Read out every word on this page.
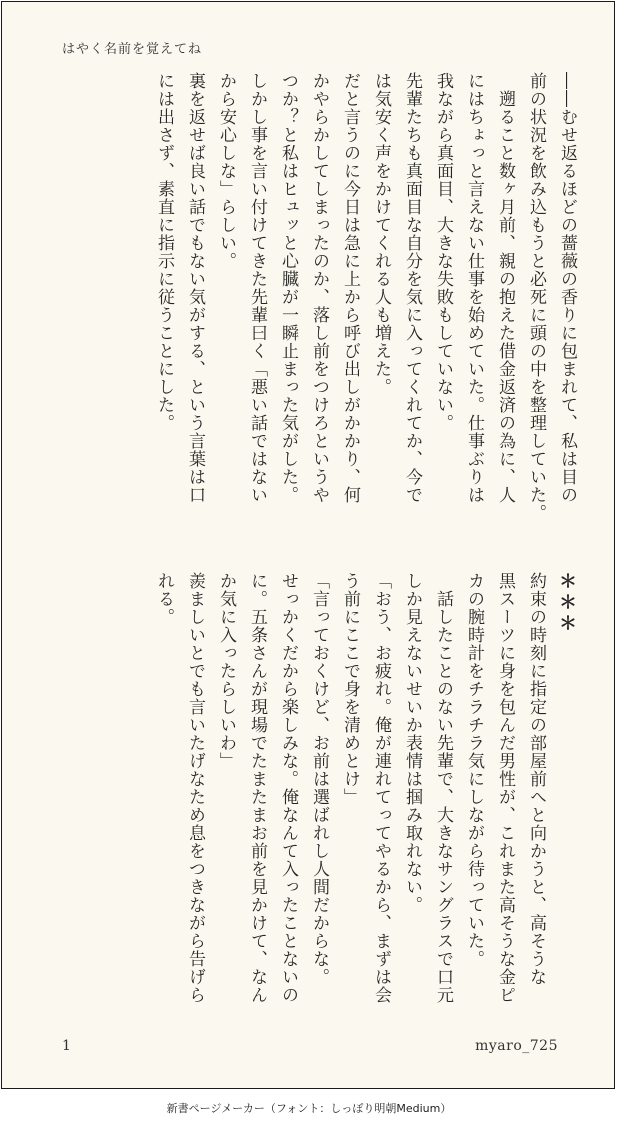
はやく名前を覚えてね
――むせ返るほどの薔薇の香りに包まれて、私は目の
前の状況を飲み込もうと必死に頭の中を整理していた。
　遡ること数ヶ月前、親の抱えた借金返済の為に、人
にはちょっと言えない仕事を始めていた。仕事ぶりは
我ながら真面目、大きな失敗もしていない。
先輩たちも真面目な自分を気に入ってくれてか、今で
は気安く声をかけてくれる人も増えた。
だと言うのに今日は急に上から呼び出しがかかり、何
かやらかしてしまったのか、落し前をつけろというや
つか？と私はヒュッと心臓が一瞬止まった気がした。
しかし事を言い付けてきた先輩曰く「悪い話ではない
から安心しな」らしい。
裏を返せば良い話でもない気がする、という言葉は口
には出さず、素直に指示に従うことにした。
＊＊＊
約束の時刻に指定の部屋前へと向かうと、高そうな
黒スーツに身を包んだ男性が、これまた高そうな金ピ
カの腕時計をチラチラ気にしながら待っていた。
　話したことのない先輩で、大きなサングラスで口元
しか見えないせいか表情は掴み取れない。
「おう、お疲れ。俺が連れてってやるから、まずは会
う前にここで身を清めとけ」
「言っておくけど、お前は選ばれし人間だからな。
せっかくだから楽しみな。俺なんて入ったことないの
に。五条さんが現場でたまたまお前を見かけて、なん
か気に入ったらしいわ」
羨ましいとでも言いたげなため息をつきながら告げら
れる。
1	myaro_725
新書ページメーカー（フォント：しっぽり明朝Medium）
